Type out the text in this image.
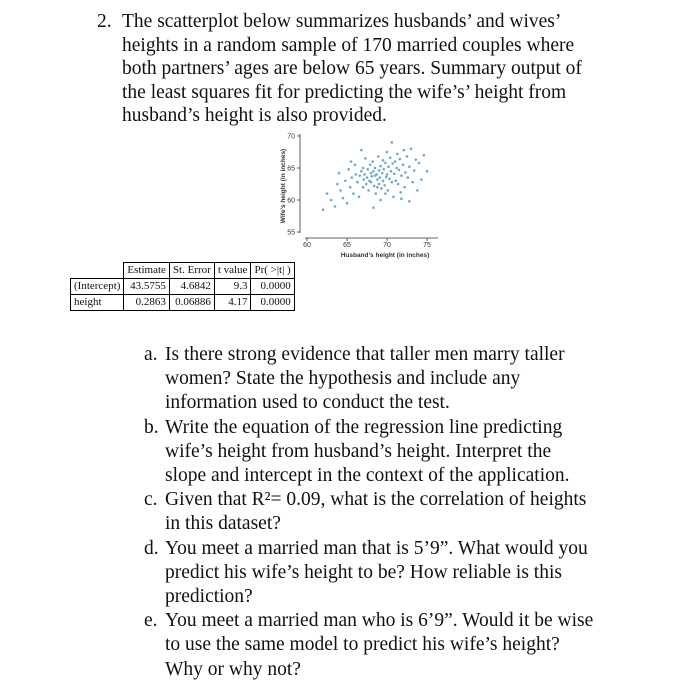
2. The scatterplot below summarizes husbands’ and wives’
heights in a random sample of 170 married couples where
both partners’ ages are below 65 years. Summary output of
the least squares fit for predicting the wife’s’ height from
husband’s height is also provided.
55
60
65
70
60	65	70	75
Husband’s height (in inches)
Wife’s height (in inches)
	Estimate	St. Error	t value	Pr( >|t| )
(Intercept)	43.5755	4.6842	9.3	0.0000
height	0.2863	0.06886	4.17	0.0000
a. Is there strong evidence that taller men marry taller
women? State the hypothesis and include any
information used to conduct the test.
b. Write the equation of the regression line predicting
wife’s height from husband’s height. Interpret the
slope and intercept in the context of the application.
c. Given that R²= 0.09, what is the correlation of heights
in this dataset?
d. You meet a married man that is 5’9”. What would you
predict his wife’s height to be? How reliable is this
prediction?
e. You meet a married man who is 6’9”. Would it be wise
to use the same model to predict his wife’s height?
Why or why not?
